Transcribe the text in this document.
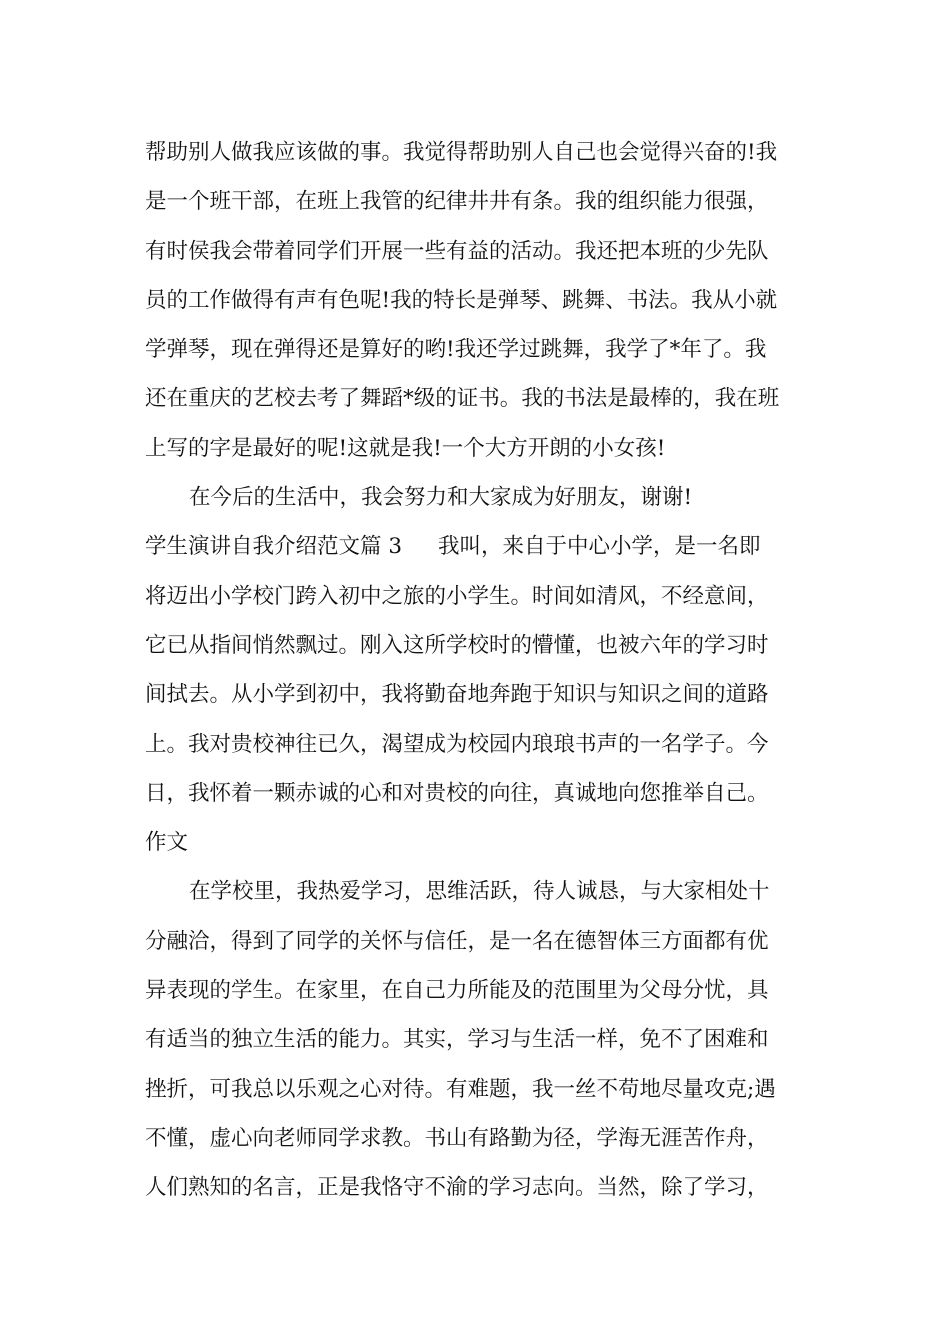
帮助别人做我应该做的事。我觉得帮助别人自己也会觉得兴奋的!我
是一个班干部，在班上我管的纪律井井有条。我的组织能力很强，
有时侯我会带着同学们开展一些有益的活动。我还把本班的少先队
员的工作做得有声有色呢!我的特长是弹琴、跳舞、书法。我从小就
学弹琴，现在弹得还是算好的哟!我还学过跳舞，我学了*年了。我
还在重庆的艺校去考了舞蹈*级的证书。我的书法是最棒的，我在班
上写的字是最好的呢!这就是我!一个大方开朗的小女孩!
在今后的生活中，我会努力和大家成为好朋友，谢谢!
学生演讲自我介绍范文篇 3 我叫，来自于中心小学，是一名即
将迈出小学校门跨入初中之旅的小学生。时间如清风，不经意间，
它已从指间悄然飘过。刚入这所学校时的懵懂，也被六年的学习时
间拭去。从小学到初中，我将勤奋地奔跑于知识与知识之间的道路
上。我对贵校神往已久，渴望成为校园内琅琅书声的一名学子。今
日，我怀着一颗赤诚的心和对贵校的向往，真诚地向您推举自己。
作文
在学校里，我热爱学习，思维活跃，待人诚恳，与大家相处十
分融洽，得到了同学的关怀与信任，是一名在德智体三方面都有优
异表现的学生。在家里，在自己力所能及的范围里为父母分忧，具
有适当的独立生活的能力。其实，学习与生活一样，免不了困难和
挫折，可我总以乐观之心对待。有难题，我一丝不苟地尽量攻克;遇
不懂，虚心向老师同学求教。书山有路勤为径，学海无涯苦作舟，
人们熟知的名言，正是我恪守不渝的学习志向。当然，除了学习，
